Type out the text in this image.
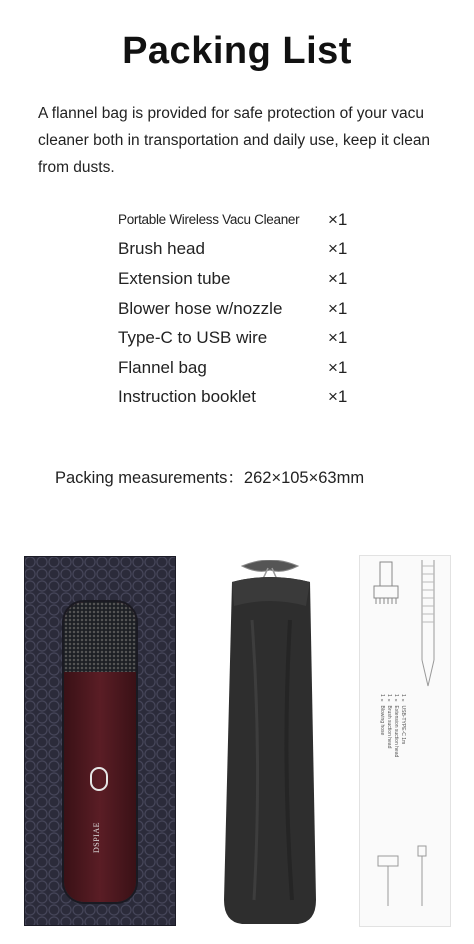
Packing List
A flannel bag is provided for safe protection of your vacu cleaner both in transportation and daily use, keep it clean from dusts.
Portable Wireless Vacu Cleaner ×1
Brush head	×1
Extension tube	×1
Blower hose w/nozzle	×1
Type-C to USB wire	×1
Flannel bag	×1
Instruction booklet	×1
Packing measurements：262×105×63mm
DSPIAE
1 × USB-TYPE-C 1m
1 × Extension suction head
1 × Brush suction head
1 × Blowing hose
